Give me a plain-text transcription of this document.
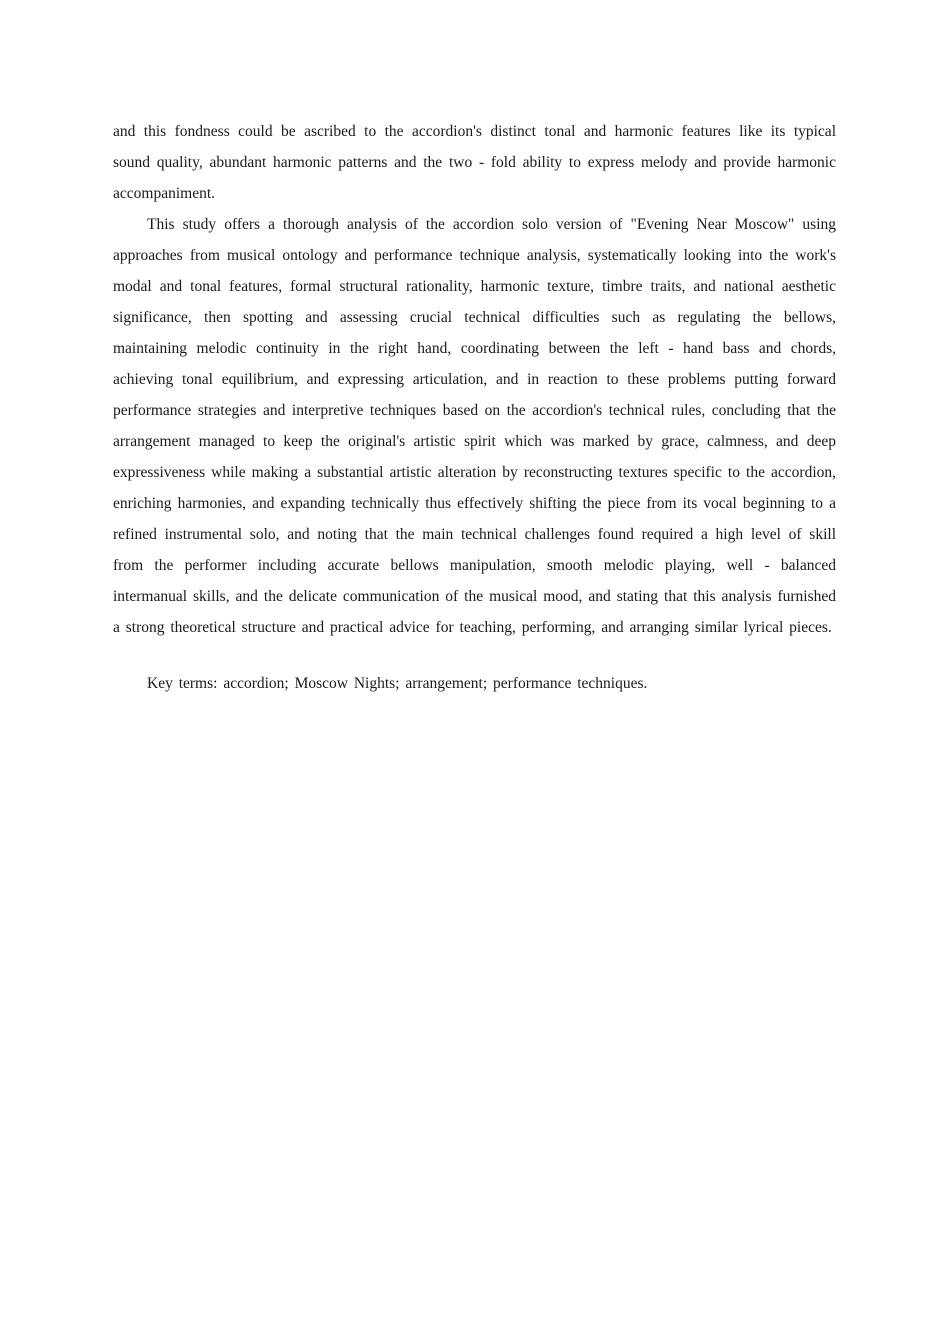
and this fondness could be ascribed to the accordion's distinct tonal and harmonic features like its typical sound quality, abundant harmonic patterns and the two - fold ability to express melody and provide harmonic accompaniment.

This study offers a thorough analysis of the accordion solo version of "Evening Near Moscow" using approaches from musical ontology and performance technique analysis, systematically looking into the work's modal and tonal features, formal structural rationality, harmonic texture, timbre traits, and national aesthetic significance, then spotting and assessing crucial technical difficulties such as regulating the bellows, maintaining melodic continuity in the right hand, coordinating between the left - hand bass and chords, achieving tonal equilibrium, and expressing articulation, and in reaction to these problems putting forward performance strategies and interpretive techniques based on the accordion's technical rules, concluding that the arrangement managed to keep the original's artistic spirit which was marked by grace, calmness, and deep expressiveness while making a substantial artistic alteration by reconstructing textures specific to the accordion, enriching harmonies, and expanding technically thus effectively shifting the piece from its vocal beginning to a refined instrumental solo, and noting that the main technical challenges found required a high level of skill from the performer including accurate bellows manipulation, smooth melodic playing, well - balanced intermanual skills, and the delicate communication of the musical mood, and stating that this analysis furnished a strong theoretical structure and practical advice for teaching, performing, and arranging similar lyrical pieces.

Key terms: accordion; Moscow Nights; arrangement; performance techniques.
